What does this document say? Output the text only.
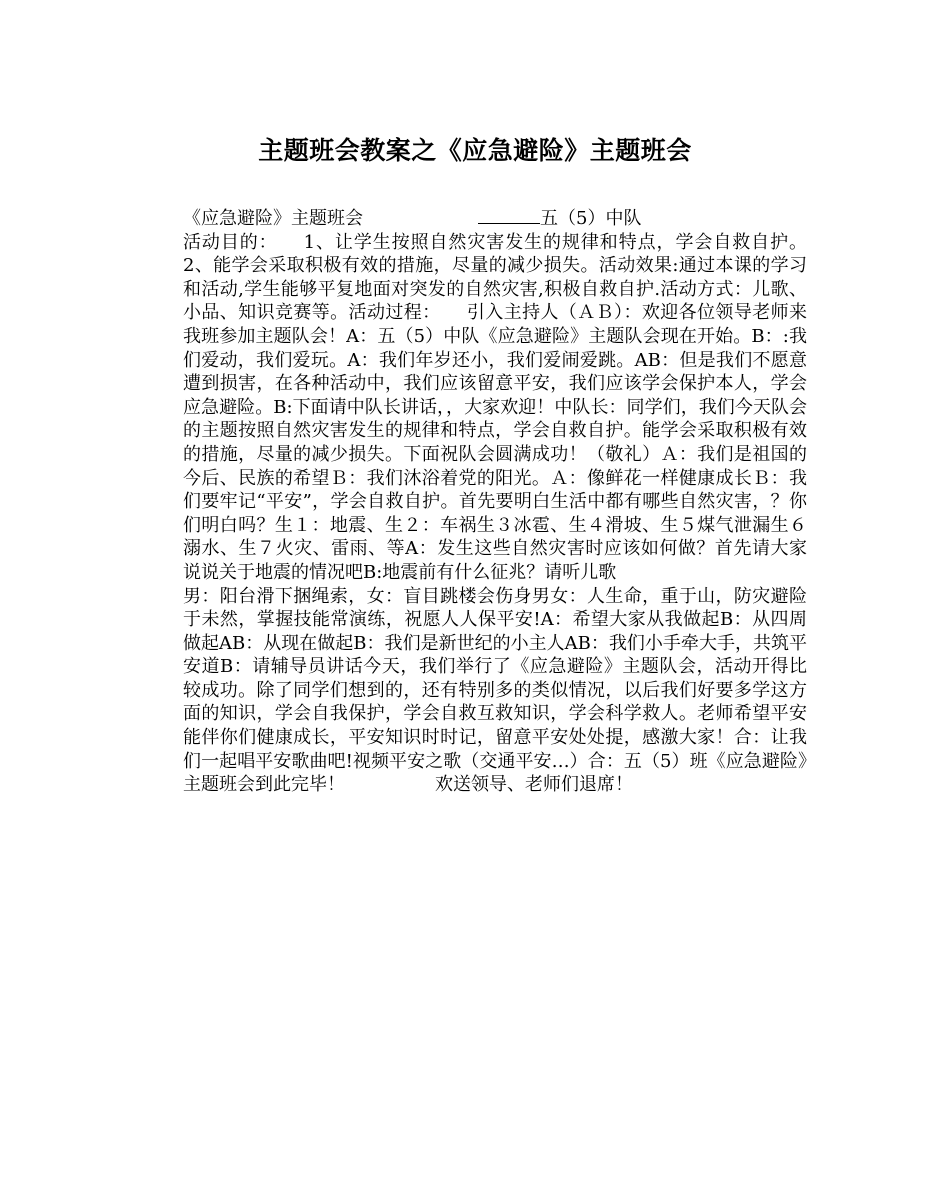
主题班会教案之《应急避险》主题班会
《应急避险》主题班会	五（5）中队

活动目的： 1、让学生按照自然灾害发生的规律和特点，学会自救自护。2、能学会采取积极有效的措施，尽量的减少损失。活动效果:通过本课的学习和活动,学生能够平复地面对突发的自然灾害,积极自救自护.活动方式：儿歌、小品、知识竞赛等。活动过程： 引入主持人（ＡＢ）：欢迎各位领导老师来我班参加主题队会！A：五（5）中队《应急避险》主题队会现在开始。B：:我们爱动，我们爱玩。A：我们年岁还小，我们爱闹爱跳。AB：但是我们不愿意遭到损害，在各种活动中，我们应该留意平安，我们应该学会保护本人，学会应急避险。B:下面请中队长讲话，，大家欢迎！中队长：同学们，我们今天队会的主题按照自然灾害发生的规律和特点，学会自救自护。能学会采取积极有效的措施，尽量的减少损失。下面祝队会圆满成功！（敬礼）Ａ：我们是祖国的今后、民族的希望Ｂ：我们沐浴着党的阳光。Ａ：像鲜花一样健康成长Ｂ：我们要牢记“平安”，学会自救自护。首先要明白生活中都有哪些自然灾害，？你们明白吗？生１：地震、生２：车祸生３冰雹、生４滑坡、生５煤气泄漏生６溺水、生７火灾、雷雨、等A：发生这些自然灾害时应该如何做？首先请大家说说关于地震的情况吧B:地震前有什么征兆？请听儿歌

男：阳台滑下捆绳索，女：盲目跳楼会伤身男女：人生命，重于山，防灾避险于未然，掌握技能常演练，祝愿人人保平安!A：希望大家从我做起B：从四周做起AB：从现在做起B：我们是新世纪的小主人AB：我们小手牵大手，共筑平安道B：请辅导员讲话今天，我们举行了《应急避险》主题队会，活动开得比较成功。除了同学们想到的，还有特别多的类似情况，以后我们好要多学这方面的知识，学会自我保护，学会自救互救知识，学会科学救人。老师希望平安能伴你们健康成长，平安知识时时记，留意平安处处提，感激大家！合：让我们一起唱平安歌曲吧!视频平安之歌（交通平安…）合：五（5）班《应急避险》主题班会到此完毕！	欢送领导、老师们退席！
